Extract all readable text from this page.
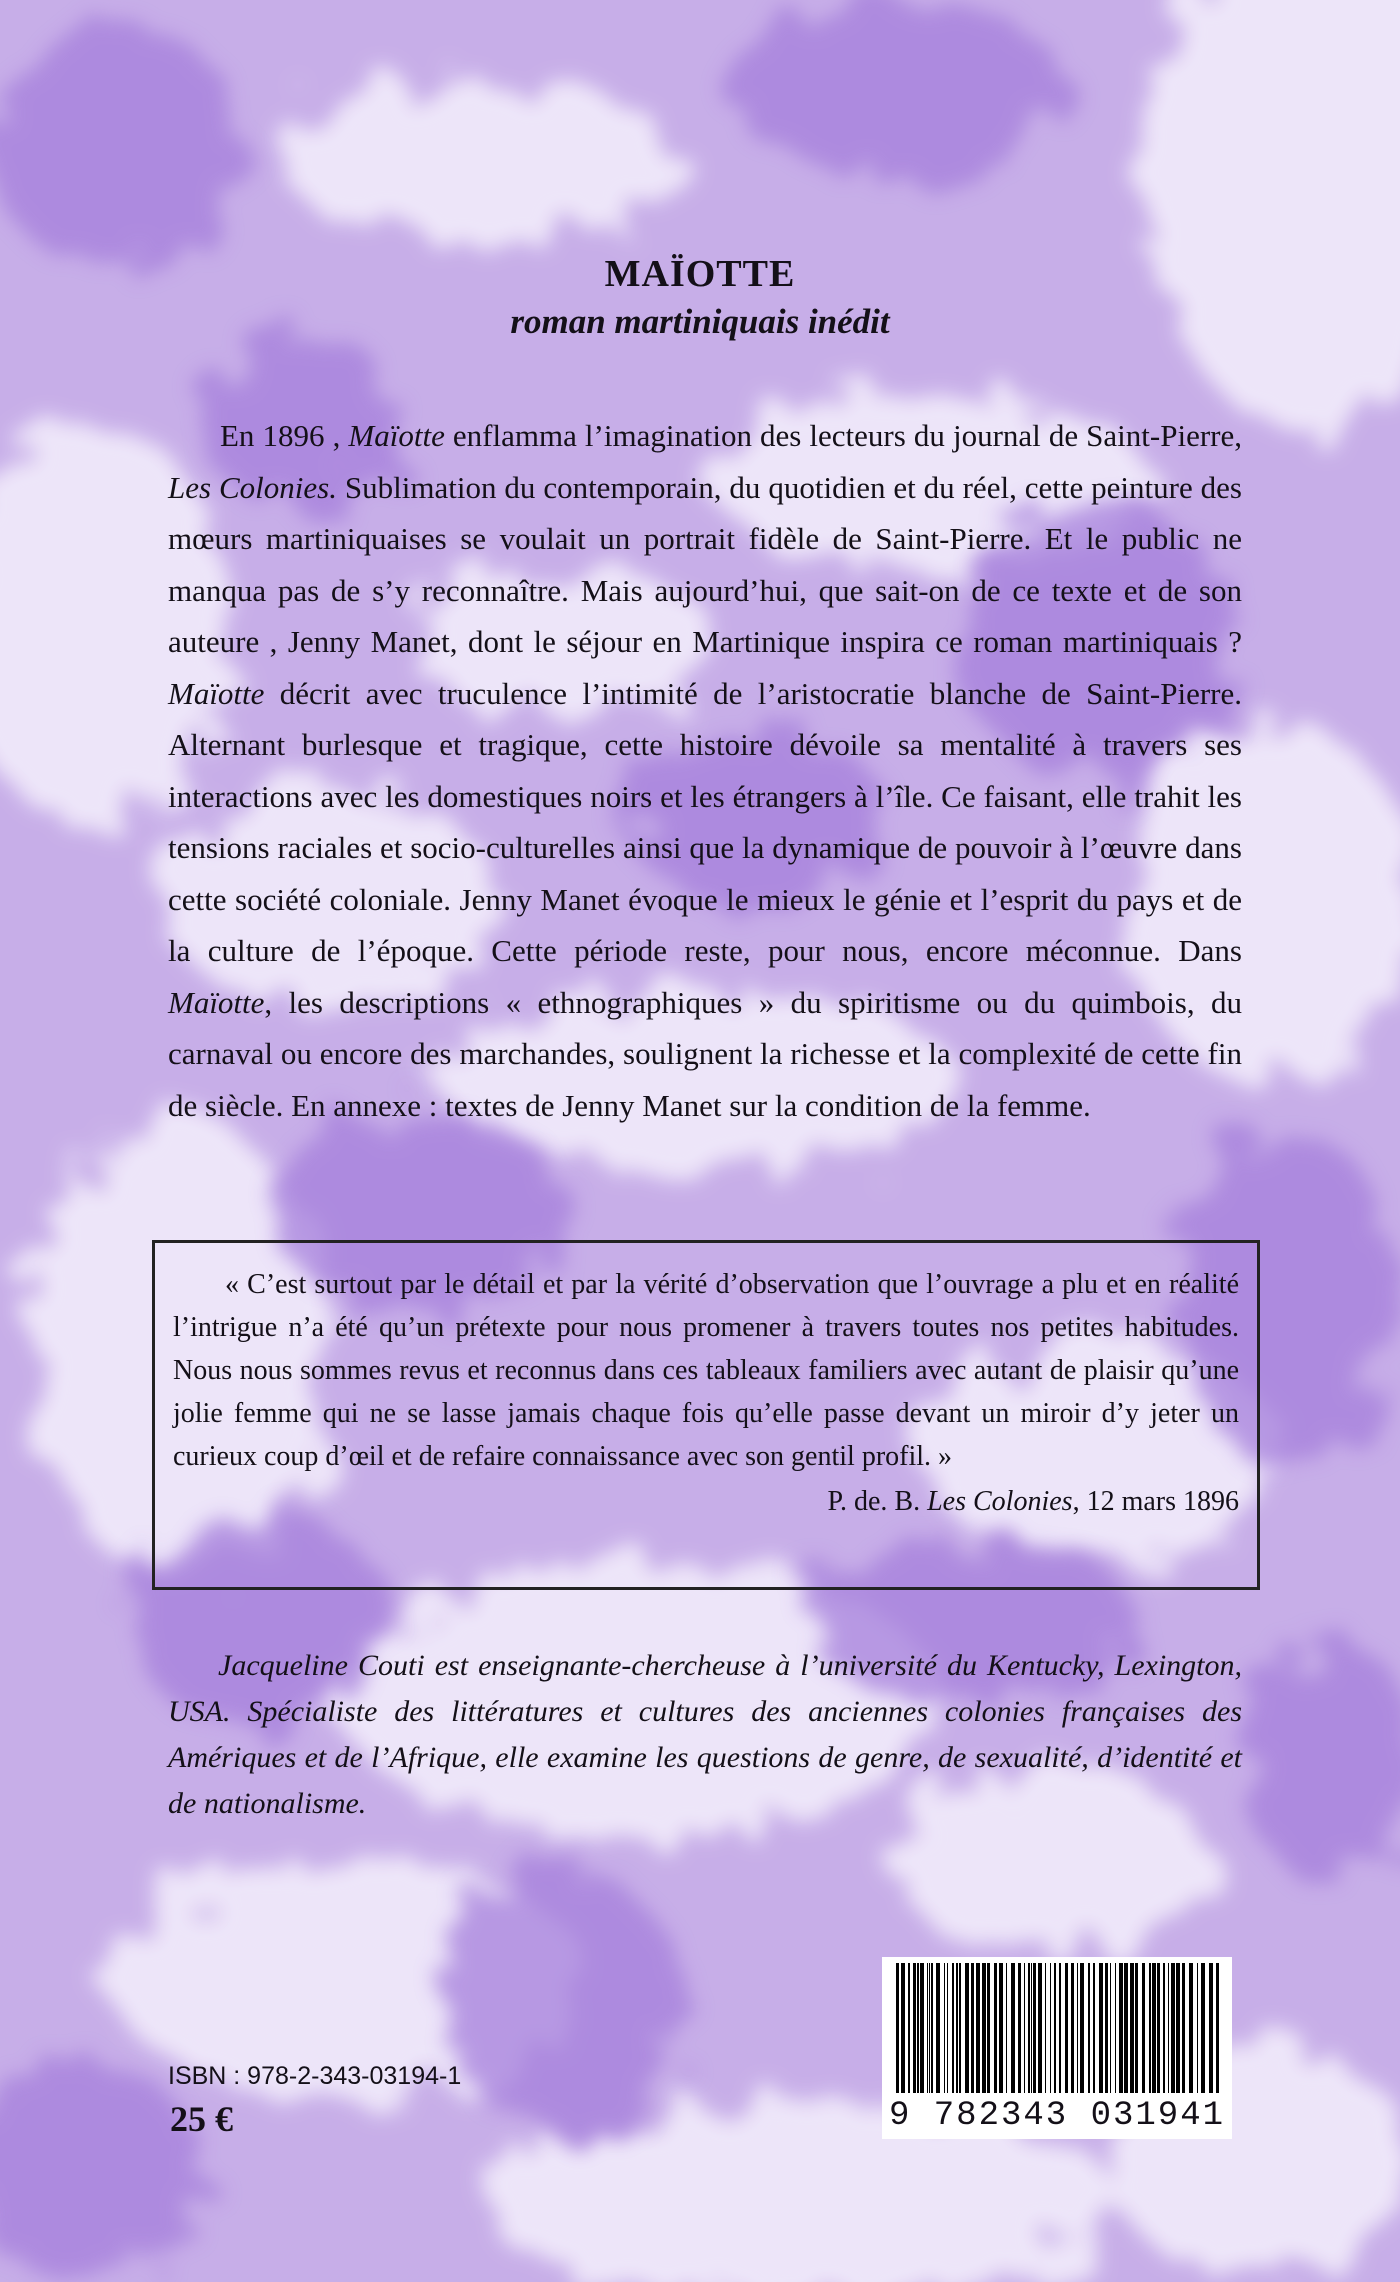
MAÏOTTE
roman martiniquais inédit

En 1896 , Maïotte enflamma l’imagination des lecteurs du journal de Saint-Pierre, Les Colonies. Sublimation du contemporain, du quotidien et du réel, cette peinture des mœurs martiniquaises se voulait un portrait fidèle de Saint-Pierre. Et le public ne manqua pas de s’y reconnaître. Mais aujourd’hui, que sait-on de ce texte et de son auteure , Jenny Manet, dont le séjour en Martinique inspira ce roman martiniquais ? Maïotte décrit avec truculence l’intimité de l’aristocratie blanche de Saint-Pierre. Alternant burlesque et tragique, cette histoire dévoile sa mentalité à travers ses interactions avec les domestiques noirs et les étrangers à l’île. Ce faisant, elle trahit les tensions raciales et socio-culturelles ainsi que la dynamique de pouvoir à l’œuvre dans cette société coloniale. Jenny Manet évoque le mieux le génie et l’esprit du pays et de la culture de l’époque. Cette période reste, pour nous, encore méconnue. Dans Maïotte, les descriptions « ethnographiques » du spiritisme ou du quimbois, du carnaval ou encore des marchandes, soulignent la richesse et la complexité de cette fin de siècle. En annexe : textes de Jenny Manet sur la condition de la femme.

« C’est surtout par le détail et par la vérité d’observation que l’ouvrage a plu et en réalité l’intrigue n’a été qu’un prétexte pour nous promener à travers toutes nos petites habitudes. Nous nous sommes revus et reconnus dans ces tableaux familiers avec autant de plaisir qu’une jolie femme qui ne se lasse jamais chaque fois qu’elle passe devant un miroir d’y jeter un curieux coup d’œil et de refaire connaissance avec son gentil profil. »

P. de. B. Les Colonies, 12 mars 1896

Jacqueline Couti est enseignante-chercheuse à l’université du Kentucky, Lexington, USA. Spécialiste des littératures et cultures des anciennes colonies françaises des Amériques et de l’Afrique, elle examine les questions de genre, de sexualité, d’identité et de nationalisme.

ISBN : 978-2-343-03194-1
25 €	9 782343 031941
